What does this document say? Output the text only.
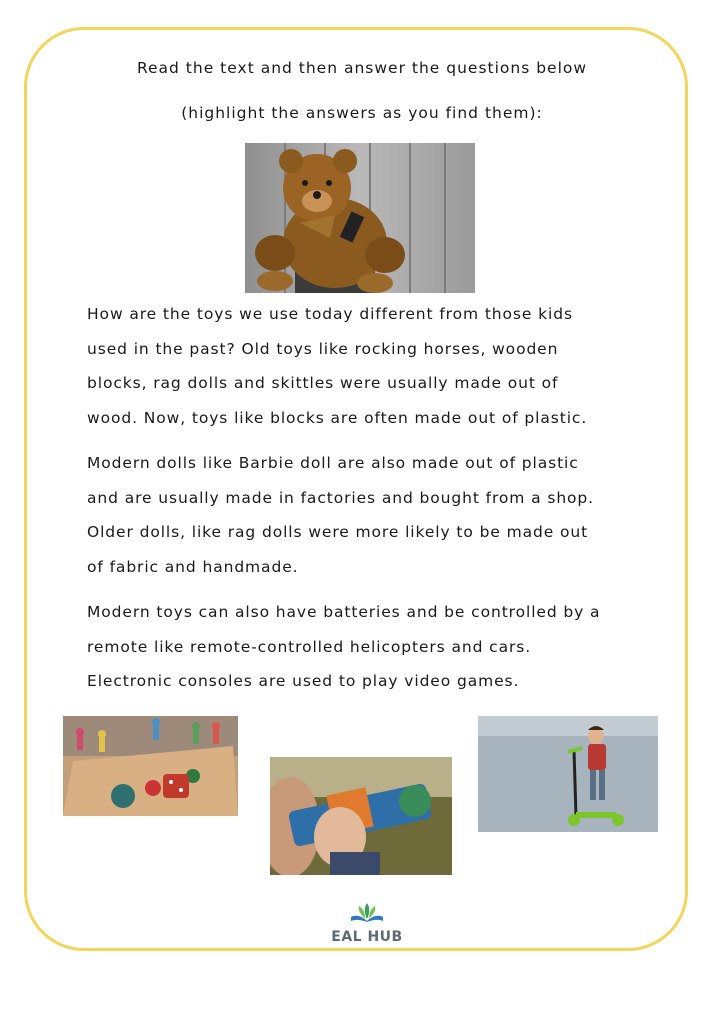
Read the text and then answer the questions below
(highlight the answers as you find them):

How are the toys we use today different from those kids
used in the past? Old toys like rocking horses, wooden
blocks, rag dolls and skittles were usually made out of
wood. Now, toys like blocks are often made out of plastic.

Modern dolls like Barbie doll are also made out of plastic
and are usually made in factories and bought from a shop.
Older dolls, like rag dolls were more likely to be made out
of fabric and handmade.

Modern toys can also have batteries and be controlled by a
remote like remote-controlled helicopters and cars.
Electronic consoles are used to play video games.

EAL HUB
